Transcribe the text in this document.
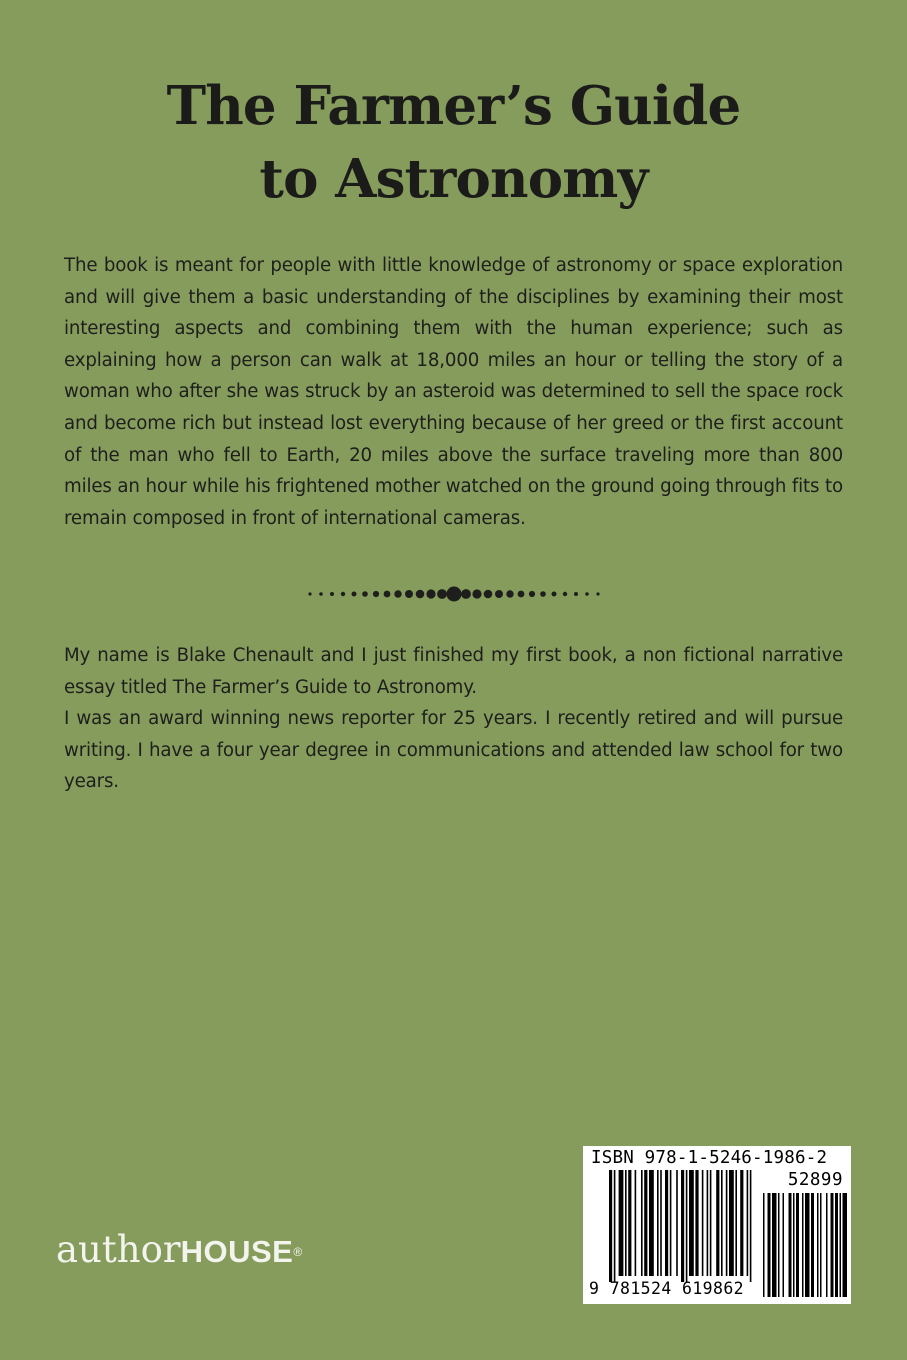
The Farmer’s Guide
to Astronomy

The book is meant for people with little knowledge of astronomy or space exploration and will give them a basic understanding of the disciplines by examining their most interesting aspects and combining them with the human experience; such as explaining how a person can walk at 18,000 miles an hour or telling the story of a woman who after she was struck by an asteroid was determined to sell the space rock and become rich but instead lost everything because of her greed or the first account of the man who fell to Earth, 20 miles above the surface traveling more than 800 miles an hour while his frightened mother watched on the ground going through fits to remain composed in front of international cameras.

My name is Blake Chenault and I just finished my first book, a non fictional narrative essay titled The Farmer’s Guide to Astronomy.

I was an award winning news reporter for 25 years. I recently retired and will pursue writing. I have a four year degree in communications and attended law school for two years.

authorHOUSE®
ISBN 978-1-5246-1986-2
52899
9 781524 619862
